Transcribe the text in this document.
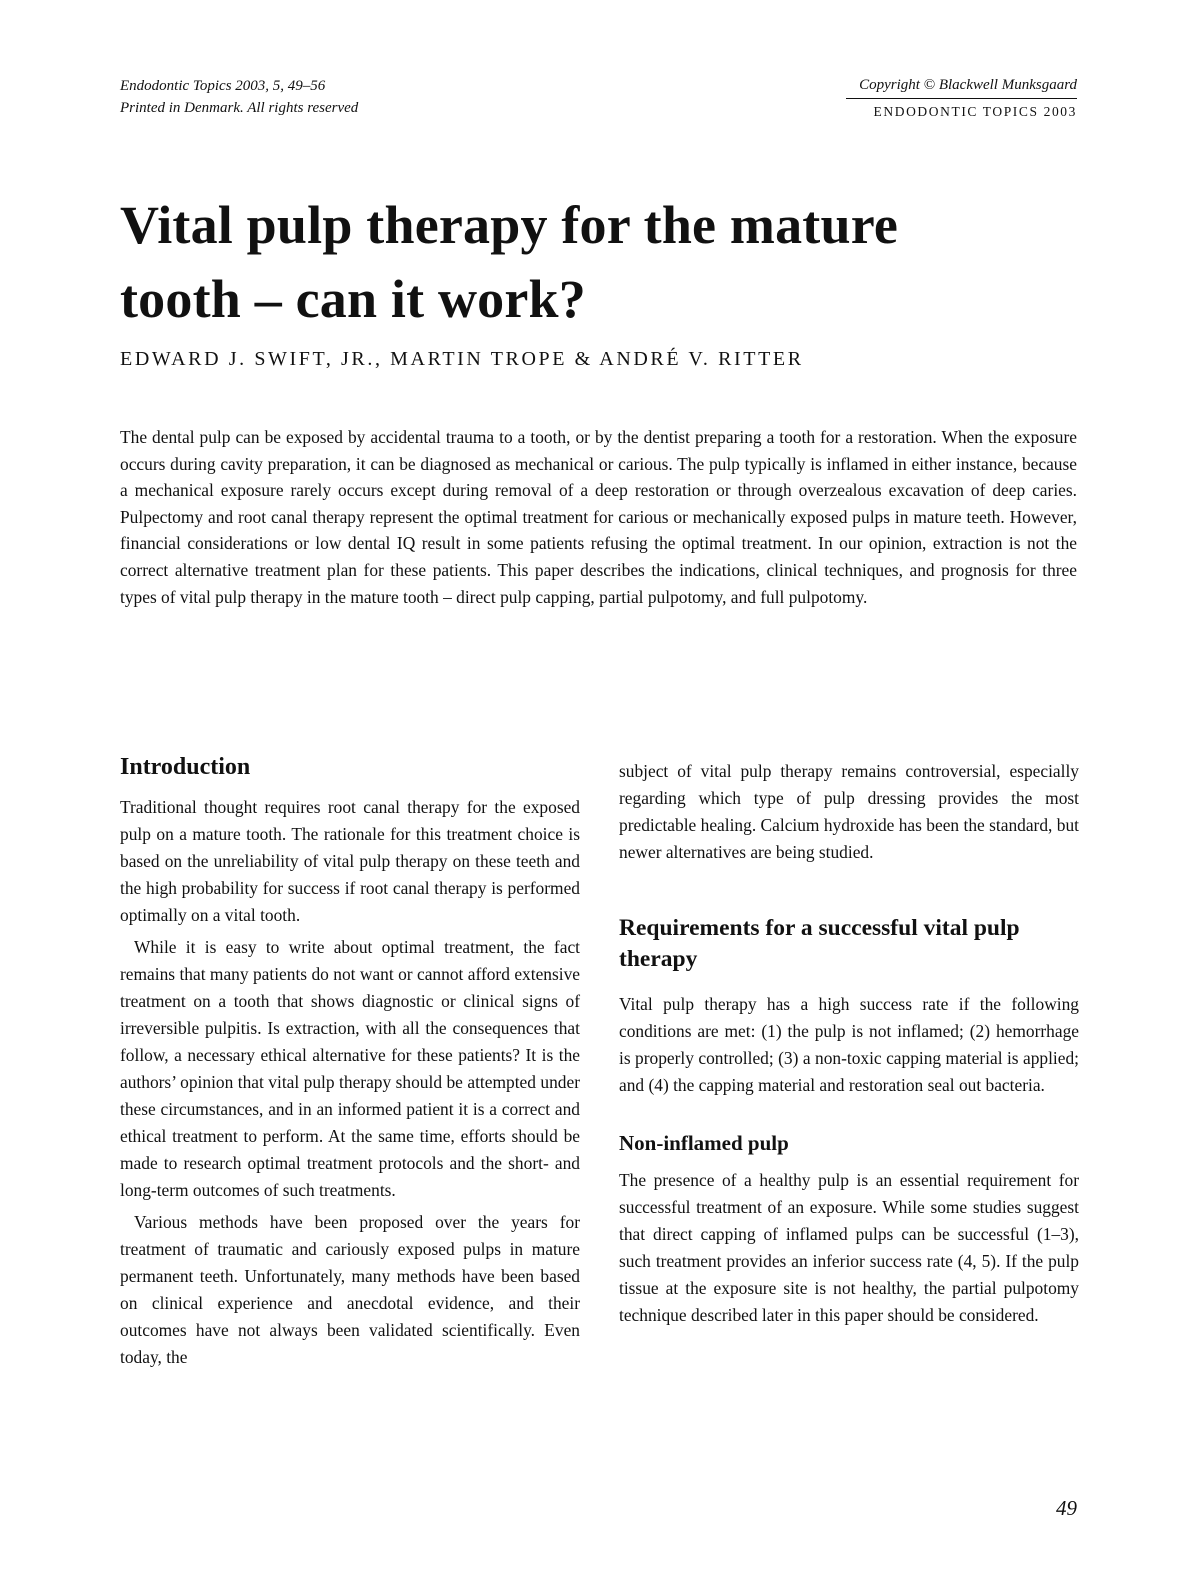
Endodontic Topics 2003, 5, 49–56
Printed in Denmark. All rights reserved
Copyright © Blackwell Munksgaard
ENDODONTIC TOPICS 2003
Vital pulp therapy for the mature
tooth – can it work?

EDWARD J. SWIFT, JR., MARTIN TROPE & ANDRÉ V. RITTER

The dental pulp can be exposed by accidental trauma to a tooth, or by the dentist preparing a tooth for a restoration. When the exposure occurs during cavity preparation, it can be diagnosed as mechanical or carious. The pulp typically is inflamed in either instance, because a mechanical exposure rarely occurs except during removal of a deep restoration or through overzealous excavation of deep caries. Pulpectomy and root canal therapy represent the optimal treatment for carious or mechanically exposed pulps in mature teeth. However, financial considerations or low dental IQ result in some patients refusing the optimal treatment. In our opinion, extraction is not the correct alternative treatment plan for these patients. This paper describes the indications, clinical techniques, and prognosis for three types of vital pulp therapy in the mature tooth – direct pulp capping, partial pulpotomy, and full pulpotomy.

Introduction

Traditional thought requires root canal therapy for the exposed pulp on a mature tooth. The rationale for this treatment choice is based on the unreliability of vital pulp therapy on these teeth and the high probability for success if root canal therapy is performed optimally on a vital tooth.

While it is easy to write about optimal treatment, the fact remains that many patients do not want or cannot afford extensive treatment on a tooth that shows diagnostic or clinical signs of irreversible pulpitis. Is extraction, with all the consequences that follow, a necessary ethical alternative for these patients? It is the authors’ opinion that vital pulp therapy should be attempted under these circumstances, and in an informed patient it is a correct and ethical treatment to perform. At the same time, efforts should be made to research optimal treatment protocols and the short- and long-term outcomes of such treatments.

Various methods have been proposed over the years for treatment of traumatic and cariously exposed pulps in mature permanent teeth. Unfortunately, many methods have been based on clinical experience and anecdotal evidence, and their outcomes have not always been validated scientifically. Even today, the

subject of vital pulp therapy remains controversial, especially regarding which type of pulp dressing provides the most predictable healing. Calcium hydroxide has been the standard, but newer alternatives are being studied.

Requirements for a successful vital pulp therapy

Vital pulp therapy has a high success rate if the following conditions are met: (1) the pulp is not inflamed; (2) hemorrhage is properly controlled; (3) a non-toxic capping material is applied; and (4) the capping material and restoration seal out bacteria.

Non-inflamed pulp

The presence of a healthy pulp is an essential requirement for successful treatment of an exposure. While some studies suggest that direct capping of inflamed pulps can be successful (1–3), such treatment provides an inferior success rate (4, 5). If the pulp tissue at the exposure site is not healthy, the partial pulpotomy technique described later in this paper should be considered.

49
